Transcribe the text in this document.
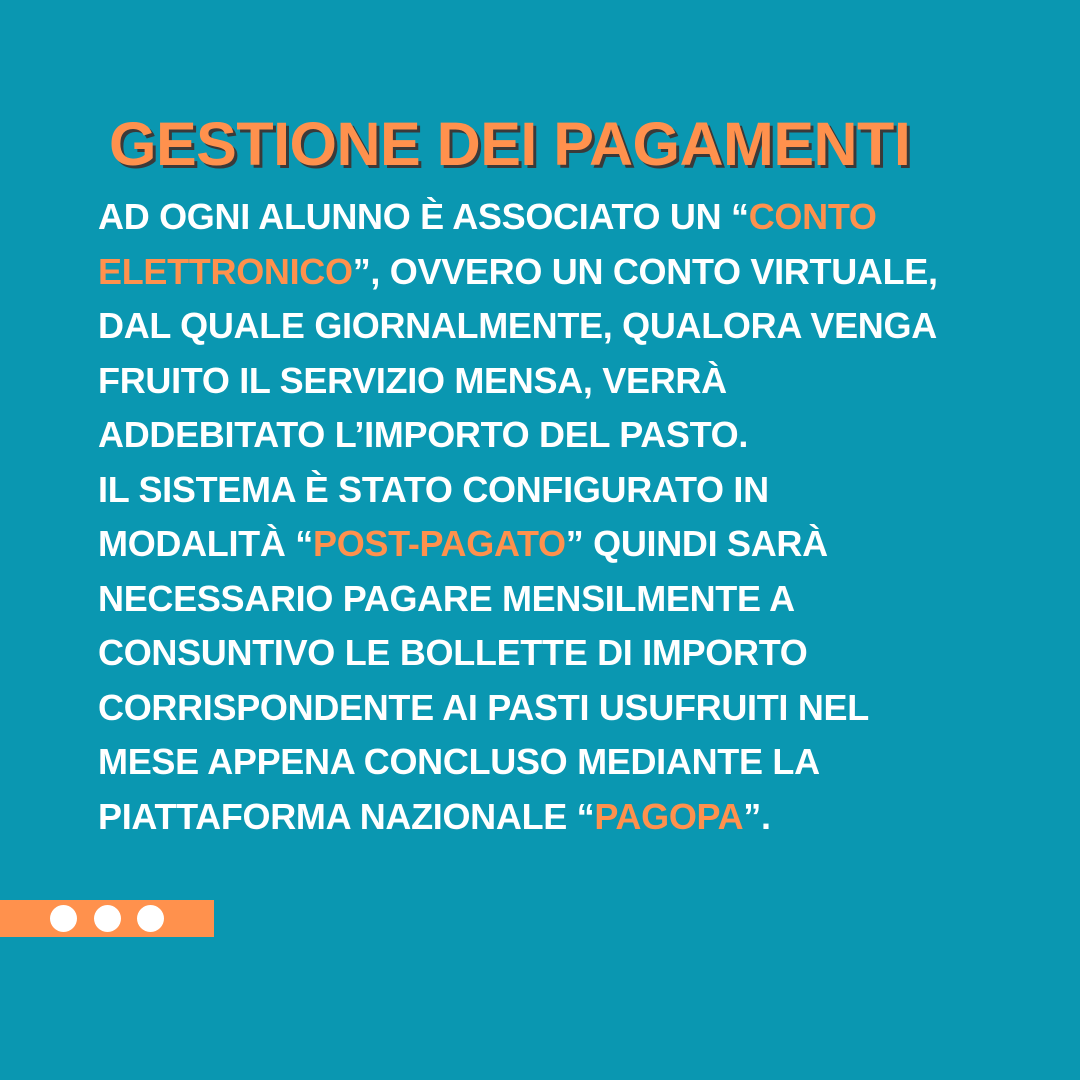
GESTIONE DEI PAGAMENTI
AD OGNI ALUNNO È ASSOCIATO UN “CONTO
ELETTRONICO”, OVVERO UN CONTO VIRTUALE,
DAL QUALE GIORNALMENTE, QUALORA VENGA
FRUITO IL SERVIZIO MENSA, VERRÀ
ADDEBITATO L’IMPORTO DEL PASTO.
IL SISTEMA È STATO CONFIGURATO IN
MODALITÀ “POST-PAGATO” QUINDI SARÀ
NECESSARIO PAGARE MENSILMENTE A
CONSUNTIVO LE BOLLETTE DI IMPORTO
CORRISPONDENTE AI PASTI USUFRUITI NEL
MESE APPENA CONCLUSO MEDIANTE LA
PIATTAFORMA NAZIONALE “PAGOPA”.
